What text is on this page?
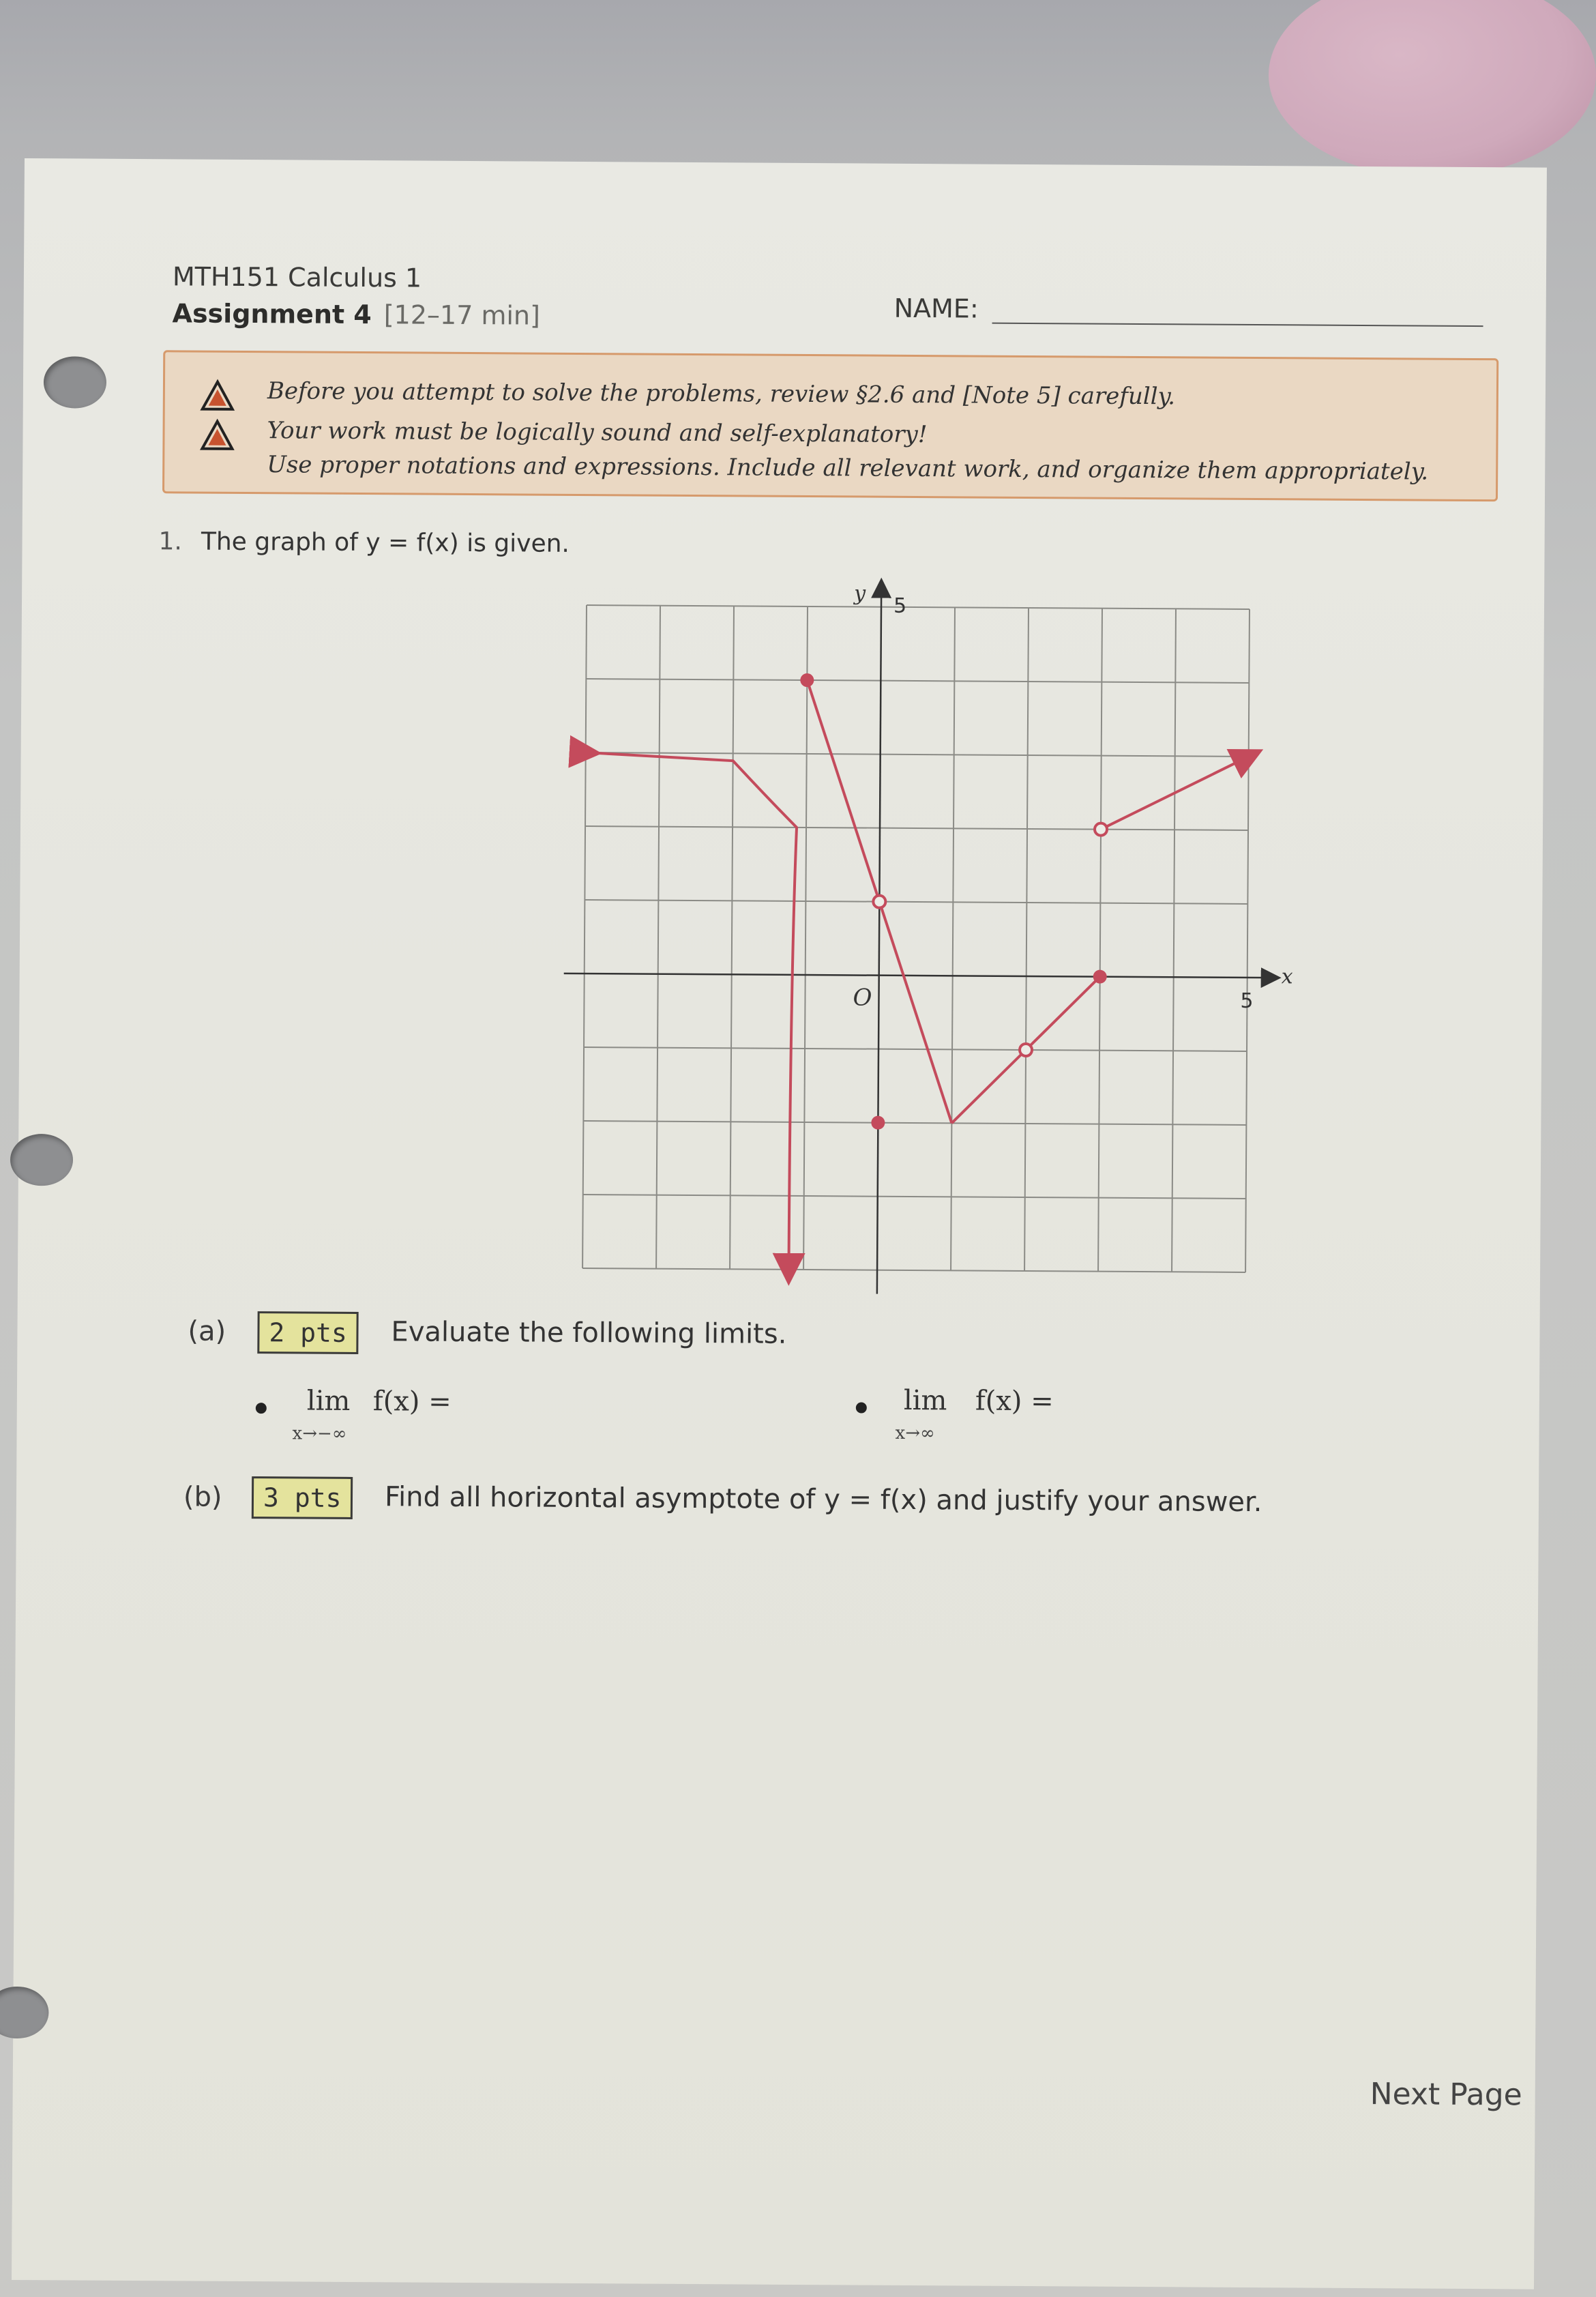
MTH151 Calculus 1
Assignment 4 [12–17 min]	NAME:
Before you attempt to solve the problems, review §2.6 and [Note 5] carefully.
Your work must be logically sound and self-explanatory!
Use proper notations and expressions. Include all relevant work, and organize them appropriately.
1. The graph of y = f(x) is given.
y
x
O
5
5
(a)	2 pts	Evaluate the following limits.
lim
x→−∞
f(x) =	lim
x→∞
f(x) =
(b)	3 pts	Find all horizontal asymptote of y = f(x) and justify your answer.
Next Page
